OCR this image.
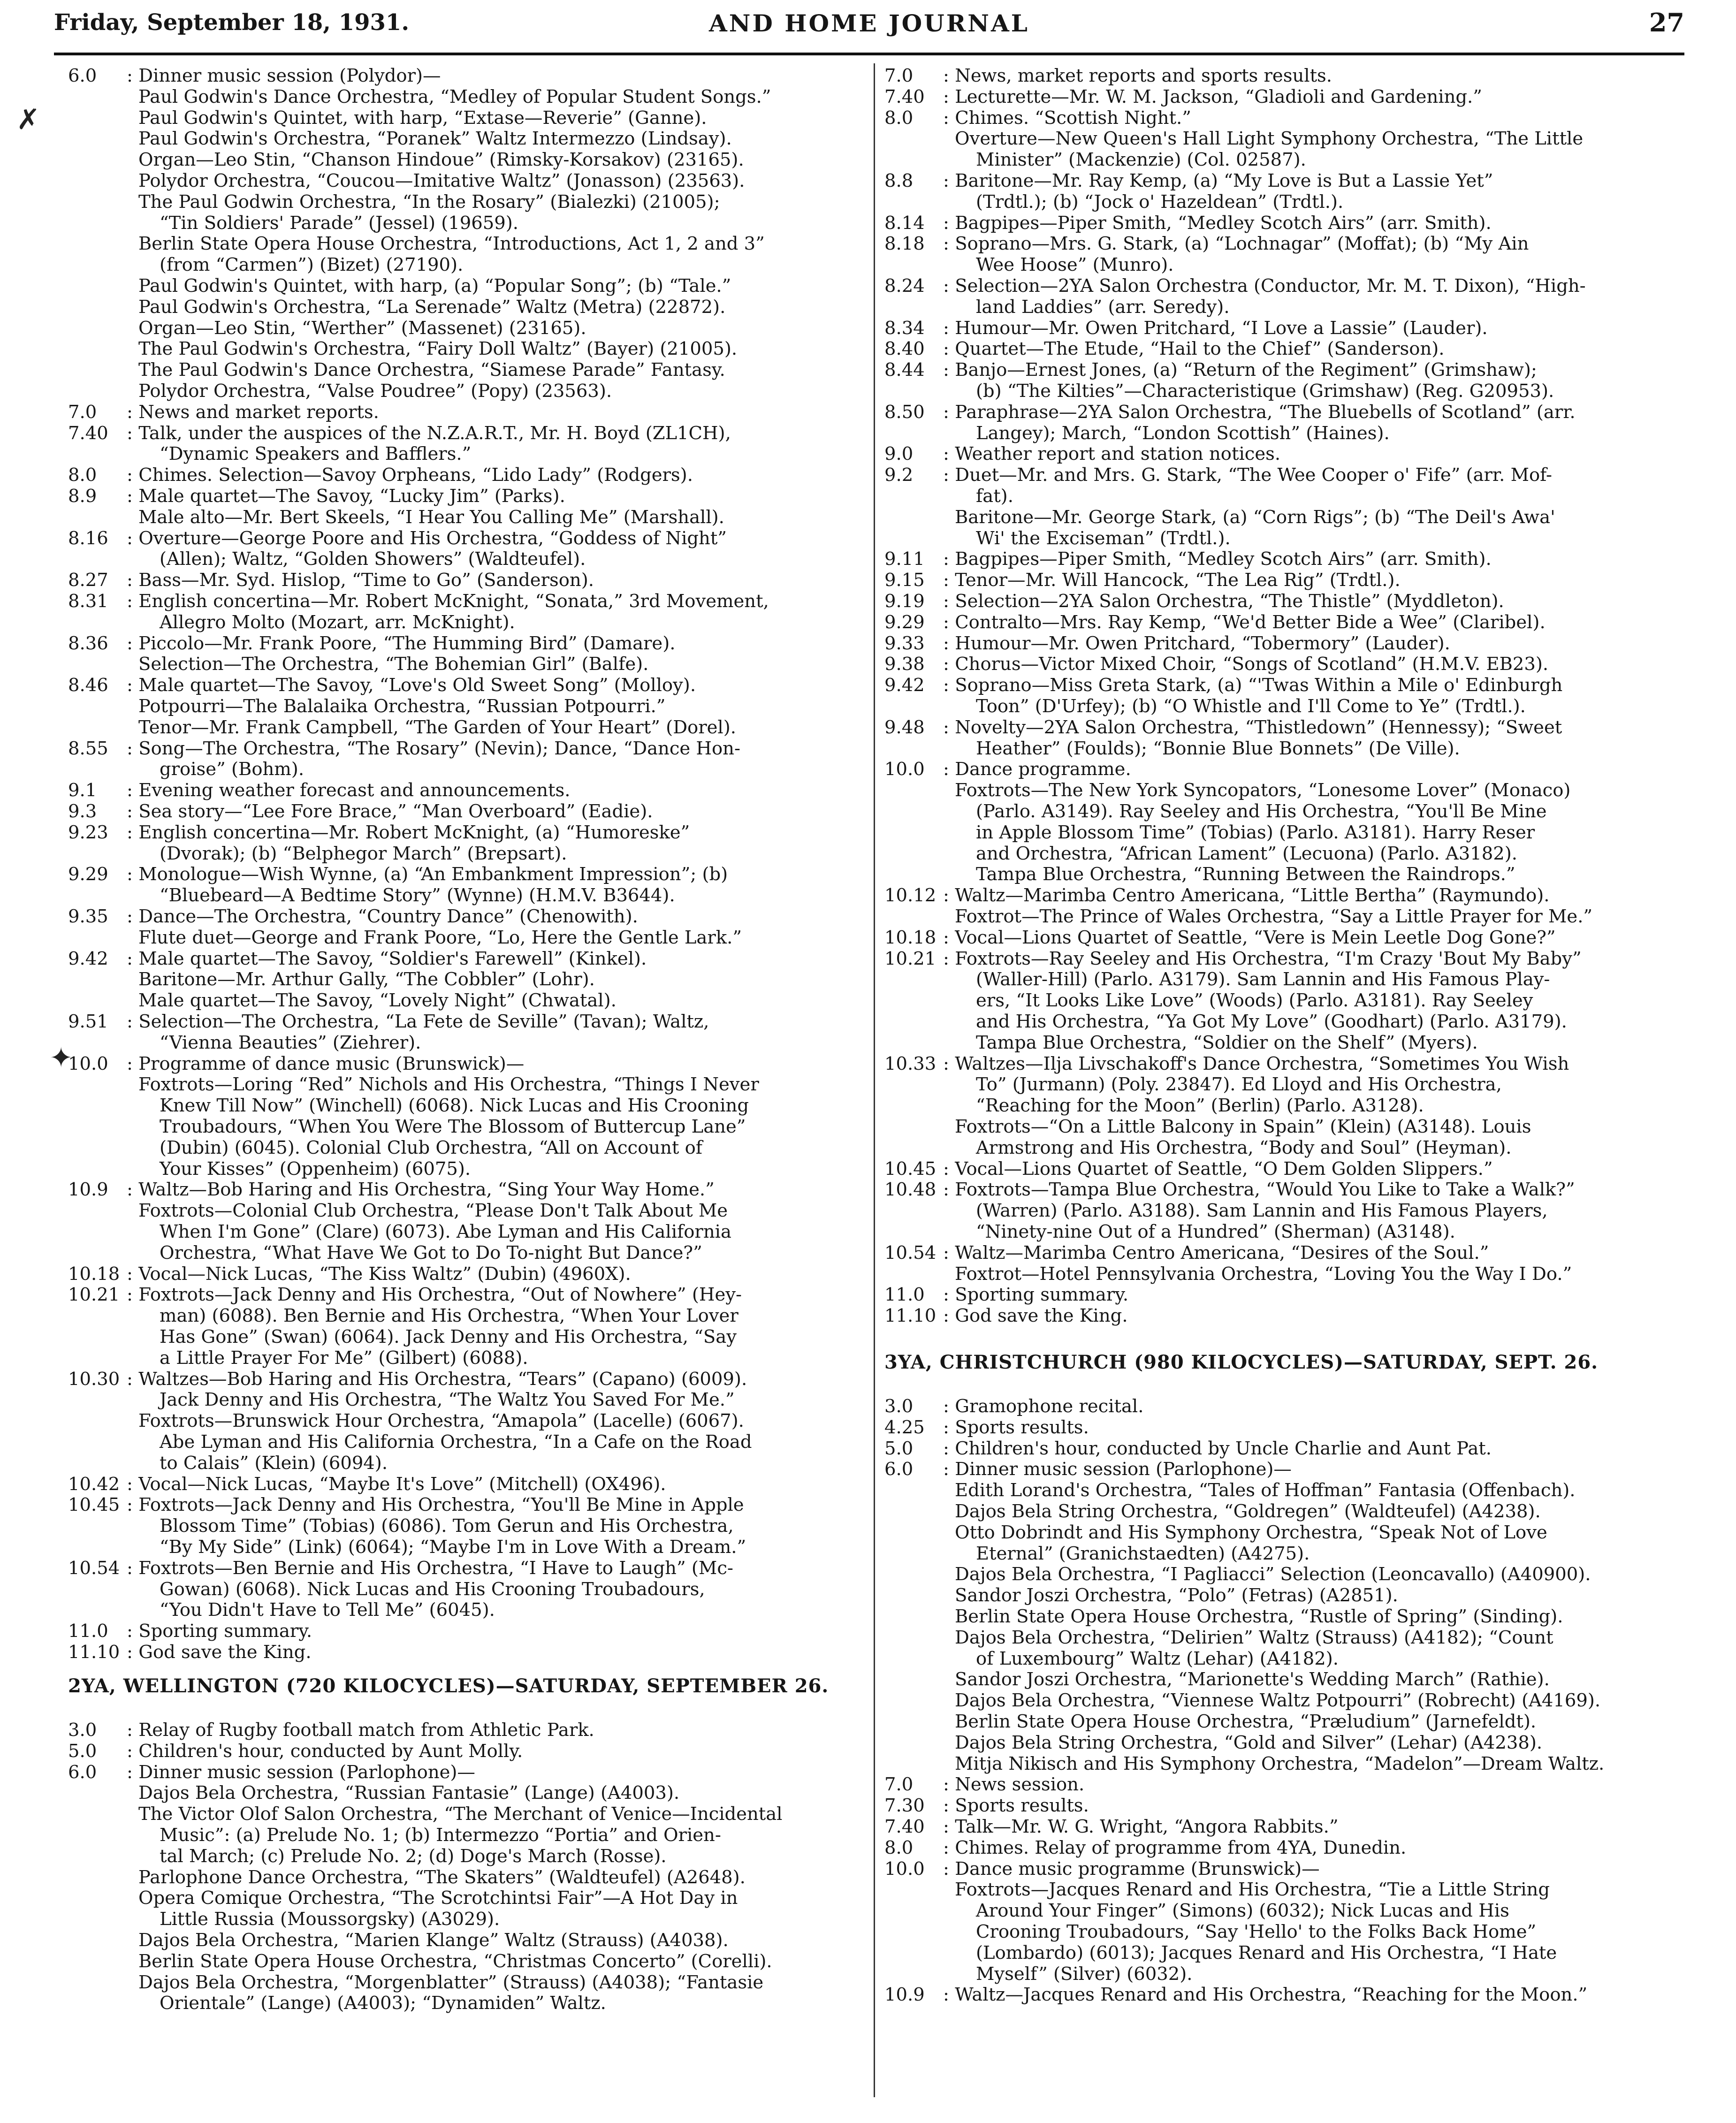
Friday, September 18, 1931.	AND HOME JOURNAL	27
6.0	: Dinner music session (Polydor)—
Paul Godwin's Dance Orchestra, “Medley of Popular Student Songs.”
Paul Godwin's Quintet, with harp, “Extase—Reverie” (Ganne).
Paul Godwin's Orchestra, “Poranek” Waltz Intermezzo (Lindsay).
Organ—Leo Stin, “Chanson Hindoue” (Rimsky-Korsakov) (23165).
Polydor Orchestra, “Coucou—Imitative Waltz” (Jonasson) (23563).
The Paul Godwin Orchestra, “In the Rosary” (Bialezki) (21005);
“Tin Soldiers' Parade” (Jessel) (19659).
Berlin State Opera House Orchestra, “Introductions, Act 1, 2 and 3”
(from “Carmen”) (Bizet) (27190).
Paul Godwin's Quintet, with harp, (a) “Popular Song”; (b) “Tale.”
Paul Godwin's Orchestra, “La Serenade” Waltz (Metra) (22872).
Organ—Leo Stin, “Werther” (Massenet) (23165).
The Paul Godwin's Orchestra, “Fairy Doll Waltz” (Bayer) (21005).
The Paul Godwin's Dance Orchestra, “Siamese Parade” Fantasy.
Polydor Orchestra, “Valse Poudree” (Popy) (23563).
7.0	: News and market reports.
7.40	: Talk, under the auspices of the N.Z.A.R.T., Mr. H. Boyd (ZL1CH),
“Dynamic Speakers and Bafflers.”
8.0	: Chimes. Selection—Savoy Orpheans, “Lido Lady” (Rodgers).
8.9	: Male quartet—The Savoy, “Lucky Jim” (Parks).
Male alto—Mr. Bert Skeels, “I Hear You Calling Me” (Marshall).
8.16	: Overture—George Poore and His Orchestra, “Goddess of Night”
(Allen); Waltz, “Golden Showers” (Waldteufel).
8.27	: Bass—Mr. Syd. Hislop, “Time to Go” (Sanderson).
8.31	: English concertina—Mr. Robert McKnight, “Sonata,” 3rd Movement,
Allegro Molto (Mozart, arr. McKnight).
8.36	: Piccolo—Mr. Frank Poore, “The Humming Bird” (Damare).
Selection—The Orchestra, “The Bohemian Girl” (Balfe).
8.46	: Male quartet—The Savoy, “Love's Old Sweet Song” (Molloy).
Potpourri—The Balalaika Orchestra, “Russian Potpourri.”
Tenor—Mr. Frank Campbell, “The Garden of Your Heart” (Dorel).
8.55	: Song—The Orchestra, “The Rosary” (Nevin); Dance, “Dance Hon-
groise” (Bohm).
9.1	: Evening weather forecast and announcements.
9.3	: Sea story—“Lee Fore Brace,” “Man Overboard” (Eadie).
9.23	: English concertina—Mr. Robert McKnight, (a) “Humoreske”
(Dvorak); (b) “Belphegor March” (Brepsart).
9.29	: Monologue—Wish Wynne, (a) “An Embankment Impression”; (b)
“Bluebeard—A Bedtime Story” (Wynne) (H.M.V. B3644).
9.35	: Dance—The Orchestra, “Country Dance” (Chenowith).
Flute duet—George and Frank Poore, “Lo, Here the Gentle Lark.”
9.42	: Male quartet—The Savoy, “Soldier's Farewell” (Kinkel).
Baritone—Mr. Arthur Gally, “The Cobbler” (Lohr).
Male quartet—The Savoy, “Lovely Night” (Chwatal).
9.51	: Selection—The Orchestra, “La Fete de Seville” (Tavan); Waltz,
“Vienna Beauties” (Ziehrer).
10.0	: Programme of dance music (Brunswick)—
Foxtrots—Loring “Red” Nichols and His Orchestra, “Things I Never
Knew Till Now” (Winchell) (6068). Nick Lucas and His Crooning
Troubadours, “When You Were The Blossom of Buttercup Lane”
(Dubin) (6045). Colonial Club Orchestra, “All on Account of
Your Kisses” (Oppenheim) (6075).
10.9	: Waltz—Bob Haring and His Orchestra, “Sing Your Way Home.”
Foxtrots—Colonial Club Orchestra, “Please Don't Talk About Me
When I'm Gone” (Clare) (6073). Abe Lyman and His California
Orchestra, “What Have We Got to Do To-night But Dance?”
10.18 : Vocal—Nick Lucas, “The Kiss Waltz” (Dubin) (4960X).
10.21 : Foxtrots—Jack Denny and His Orchestra, “Out of Nowhere” (Hey-
man) (6088). Ben Bernie and His Orchestra, “When Your Lover
Has Gone” (Swan) (6064). Jack Denny and His Orchestra, “Say
a Little Prayer For Me” (Gilbert) (6088).
10.30 : Waltzes—Bob Haring and His Orchestra, “Tears” (Capano) (6009).
Jack Denny and His Orchestra, “The Waltz You Saved For Me.”
Foxtrots—Brunswick Hour Orchestra, “Amapola” (Lacelle) (6067).
Abe Lyman and His California Orchestra, “In a Cafe on the Road
to Calais” (Klein) (6094).
10.42 : Vocal—Nick Lucas, “Maybe It's Love” (Mitchell) (OX496).
10.45 : Foxtrots—Jack Denny and His Orchestra, “You'll Be Mine in Apple
Blossom Time” (Tobias) (6086). Tom Gerun and His Orchestra,
“By My Side” (Link) (6064); “Maybe I'm in Love With a Dream.”
10.54 : Foxtrots—Ben Bernie and His Orchestra, “I Have to Laugh” (Mc-
Gowan) (6068). Nick Lucas and His Crooning Troubadours,
“You Didn't Have to Tell Me” (6045).
11.0	: Sporting summary.
11.10 : God save the King.
2YA, WELLINGTON (720 KILOCYCLES)—SATURDAY, SEPTEMBER 26.
3.0	: Relay of Rugby football match from Athletic Park.
5.0	: Children's hour, conducted by Aunt Molly.
6.0	: Dinner music session (Parlophone)—
Dajos Bela Orchestra, “Russian Fantasie” (Lange) (A4003).
The Victor Olof Salon Orchestra, “The Merchant of Venice—Incidental
Music”: (a) Prelude No. 1; (b) Intermezzo “Portia” and Orien-
tal March; (c) Prelude No. 2; (d) Doge's March (Rosse).
Parlophone Dance Orchestra, “The Skaters” (Waldteufel) (A2648).
Opera Comique Orchestra, “The Scrotchintsi Fair”—A Hot Day in
Little Russia (Moussorgsky) (A3029).
Dajos Bela Orchestra, “Marien Klange” Waltz (Strauss) (A4038).
Berlin State Opera House Orchestra, “Christmas Concerto” (Corelli).
Dajos Bela Orchestra, “Morgenblatter” (Strauss) (A4038); “Fantasie
Orientale” (Lange) (A4003); “Dynamiden” Waltz.
✗
✦
7.0	: News, market reports and sports results.
7.40	: Lecturette—Mr. W. M. Jackson, “Gladioli and Gardening.”
8.0	: Chimes. “Scottish Night.”
Overture—New Queen's Hall Light Symphony Orchestra, “The Little
Minister” (Mackenzie) (Col. 02587).
8.8	: Baritone—Mr. Ray Kemp, (a) “My Love is But a Lassie Yet”
(Trdtl.); (b) “Jock o' Hazeldean” (Trdtl.).
8.14	: Bagpipes—Piper Smith, “Medley Scotch Airs” (arr. Smith).
8.18	: Soprano—Mrs. G. Stark, (a) “Lochnagar” (Moffat); (b) “My Ain
Wee Hoose” (Munro).
8.24	: Selection—2YA Salon Orchestra (Conductor, Mr. M. T. Dixon), “High-
land Laddies” (arr. Seredy).
8.34	: Humour—Mr. Owen Pritchard, “I Love a Lassie” (Lauder).
8.40	: Quartet—The Etude, “Hail to the Chief” (Sanderson).
8.44	: Banjo—Ernest Jones, (a) “Return of the Regiment” (Grimshaw);
(b) “The Kilties”—Characteristique (Grimshaw) (Reg. G20953).
8.50	: Paraphrase—2YA Salon Orchestra, “The Bluebells of Scotland” (arr.
Langey); March, “London Scottish” (Haines).
9.0	: Weather report and station notices.
9.2	: Duet—Mr. and Mrs. G. Stark, “The Wee Cooper o' Fife” (arr. Mof-
fat).
Baritone—Mr. George Stark, (a) “Corn Rigs”; (b) “The Deil's Awa'
Wi' the Exciseman” (Trdtl.).
9.11	: Bagpipes—Piper Smith, “Medley Scotch Airs” (arr. Smith).
9.15	: Tenor—Mr. Will Hancock, “The Lea Rig” (Trdtl.).
9.19	: Selection—2YA Salon Orchestra, “The Thistle” (Myddleton).
9.29	: Contralto—Mrs. Ray Kemp, “We'd Better Bide a Wee” (Claribel).
9.33	: Humour—Mr. Owen Pritchard, “Tobermory” (Lauder).
9.38	: Chorus—Victor Mixed Choir, “Songs of Scotland” (H.M.V. EB23).
9.42	: Soprano—Miss Greta Stark, (a) “'Twas Within a Mile o' Edinburgh
Toon” (D'Urfey); (b) “O Whistle and I'll Come to Ye” (Trdtl.).
9.48	: Novelty—2YA Salon Orchestra, “Thistledown” (Hennessy); “Sweet
Heather” (Foulds); “Bonnie Blue Bonnets” (De Ville).
10.0	: Dance programme.
Foxtrots—The New York Syncopators, “Lonesome Lover” (Monaco)
(Parlo. A3149). Ray Seeley and His Orchestra, “You'll Be Mine
in Apple Blossom Time” (Tobias) (Parlo. A3181). Harry Reser
and Orchestra, “African Lament” (Lecuona) (Parlo. A3182).
Tampa Blue Orchestra, “Running Between the Raindrops.”
10.12 : Waltz—Marimba Centro Americana, “Little Bertha” (Raymundo).
Foxtrot—The Prince of Wales Orchestra, “Say a Little Prayer for Me.”
10.18 : Vocal—Lions Quartet of Seattle, “Vere is Mein Leetle Dog Gone?”
10.21 : Foxtrots—Ray Seeley and His Orchestra, “I'm Crazy 'Bout My Baby”
(Waller-Hill) (Parlo. A3179). Sam Lannin and His Famous Play-
ers, “It Looks Like Love” (Woods) (Parlo. A3181). Ray Seeley
and His Orchestra, “Ya Got My Love” (Goodhart) (Parlo. A3179).
Tampa Blue Orchestra, “Soldier on the Shelf” (Myers).
10.33 : Waltzes—Ilja Livschakoff's Dance Orchestra, “Sometimes You Wish
To” (Jurmann) (Poly. 23847). Ed Lloyd and His Orchestra,
“Reaching for the Moon” (Berlin) (Parlo. A3128).
Foxtrots—“On a Little Balcony in Spain” (Klein) (A3148). Louis
Armstrong and His Orchestra, “Body and Soul” (Heyman).
10.45 : Vocal—Lions Quartet of Seattle, “O Dem Golden Slippers.”
10.48 : Foxtrots—Tampa Blue Orchestra, “Would You Like to Take a Walk?”
(Warren) (Parlo. A3188). Sam Lannin and His Famous Players,
“Ninety-nine Out of a Hundred” (Sherman) (A3148).
10.54 : Waltz—Marimba Centro Americana, “Desires of the Soul.”
Foxtrot—Hotel Pennsylvania Orchestra, “Loving You the Way I Do.”
11.0	: Sporting summary.
11.10 : God save the King.
3YA, CHRISTCHURCH (980 KILOCYCLES)—SATURDAY, SEPT. 26.
3.0	: Gramophone recital.
4.25	: Sports results.
5.0	: Children's hour, conducted by Uncle Charlie and Aunt Pat.
6.0	: Dinner music session (Parlophone)—
Edith Lorand's Orchestra, “Tales of Hoffman” Fantasia (Offenbach).
Dajos Bela String Orchestra, “Goldregen” (Waldteufel) (A4238).
Otto Dobrindt and His Symphony Orchestra, “Speak Not of Love
Eternal” (Granichstaedten) (A4275).
Dajos Bela Orchestra, “I Pagliacci” Selection (Leoncavallo) (A40900).
Sandor Joszi Orchestra, “Polo” (Fetras) (A2851).
Berlin State Opera House Orchestra, “Rustle of Spring” (Sinding).
Dajos Bela Orchestra, “Delirien” Waltz (Strauss) (A4182); “Count
of Luxembourg” Waltz (Lehar) (A4182).
Sandor Joszi Orchestra, “Marionette's Wedding March” (Rathie).
Dajos Bela Orchestra, “Viennese Waltz Potpourri” (Robrecht) (A4169).
Berlin State Opera House Orchestra, “Præludium” (Jarnefeldt).
Dajos Bela String Orchestra, “Gold and Silver” (Lehar) (A4238).
Mitja Nikisch and His Symphony Orchestra, “Madelon”—Dream Waltz.
7.0	: News session.
7.30	: Sports results.
7.40	: Talk—Mr. W. G. Wright, “Angora Rabbits.”
8.0	: Chimes. Relay of programme from 4YA, Dunedin.
10.0	: Dance music programme (Brunswick)—
Foxtrots—Jacques Renard and His Orchestra, “Tie a Little String
Around Your Finger” (Simons) (6032); Nick Lucas and His
Crooning Troubadours, “Say 'Hello' to the Folks Back Home”
(Lombardo) (6013); Jacques Renard and His Orchestra, “I Hate
Myself” (Silver) (6032).
10.9	: Waltz—Jacques Renard and His Orchestra, “Reaching for the Moon.”
